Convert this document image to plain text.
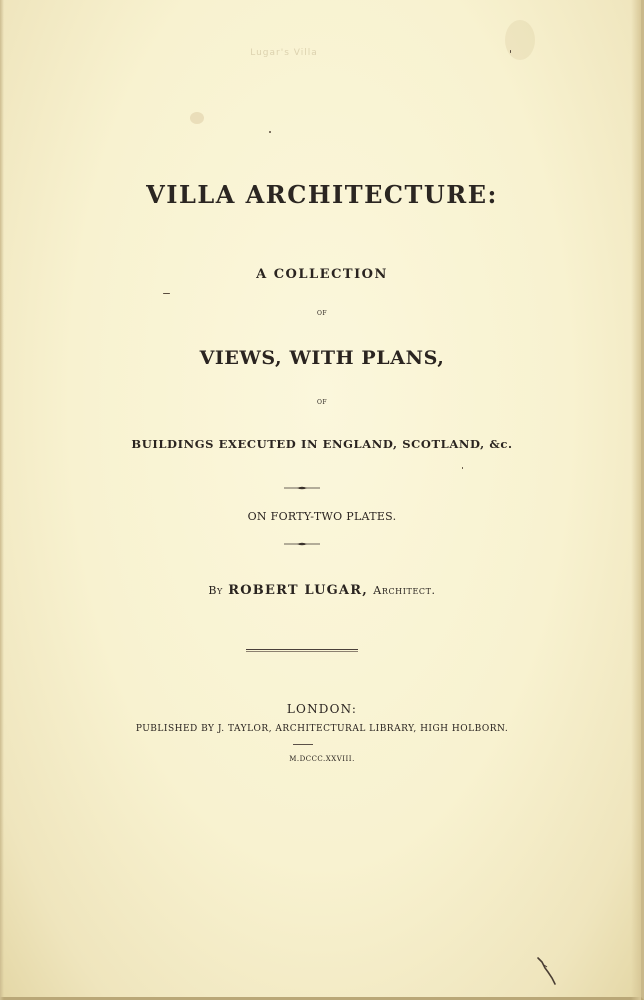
Lugar's Villa
VILLA ARCHITECTURE:
A COLLECTION
OF
VIEWS, WITH PLANS,
OF
BUILDINGS EXECUTED IN ENGLAND, SCOTLAND, &c.
ON FORTY-TWO PLATES.
By ROBERT LUGAR, Architect.
LONDON:
PUBLISHED BY J. TAYLOR, ARCHITECTURAL LIBRARY, HIGH HOLBORN.
M.DCCC.XXVIII.
